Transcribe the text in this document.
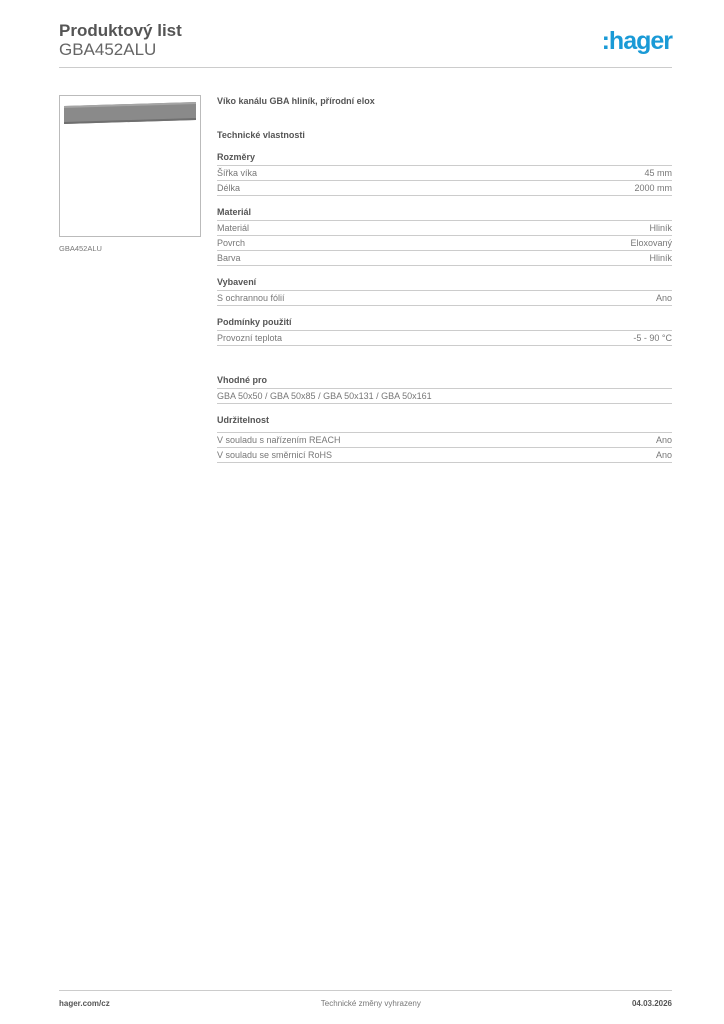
Produktový list
GBA452ALU	:hager
GBA452ALU
Víko kanálu GBA hliník, přírodní elox
Technické vlastnosti
Rozměry
Šířka víka	45 mm
Délka	2000 mm
Materiál
Materiál	Hliník
Povrch	Eloxovaný
Barva	Hliník
Vybavení
S ochrannou fólií	Ano
Podmínky použití
Provozní teplota	-5 - 90 °C
Vhodné pro
GBA 50x50 / GBA 50x85 / GBA 50x131 / GBA 50x161
Udržitelnost
V souladu s nařízením REACH	Ano
V souladu se směrnicí RoHS	Ano
hager.com/cz	Technické změny vyhrazeny	04.03.2026
